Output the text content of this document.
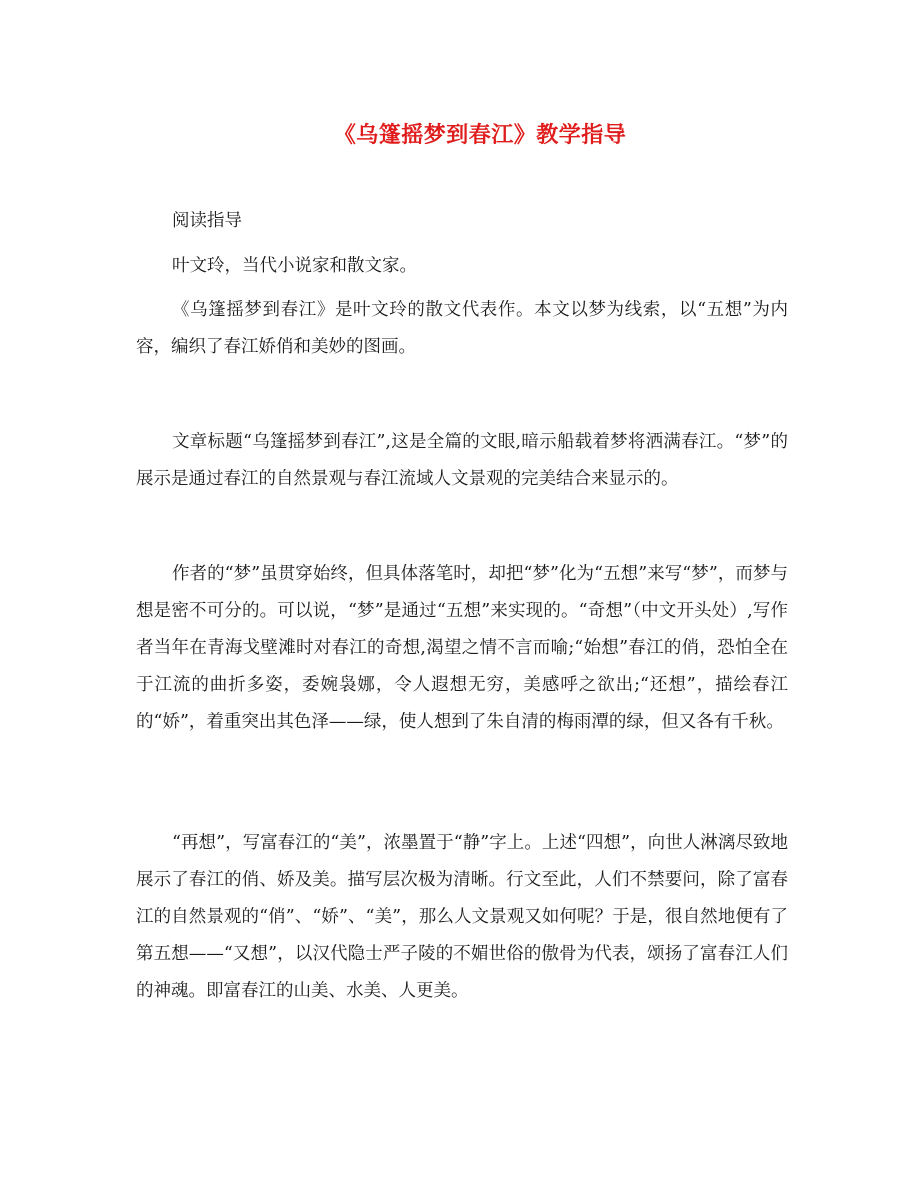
《乌篷摇梦到春江》教学指导

阅读指导

叶文玲，当代小说家和散文家。

《乌篷摇梦到春江》是叶文玲的散文代表作。本文以梦为线索，以“五想”为内容，编织了春江娇俏和美妙的图画。

文章标题“乌篷摇梦到春江”,这是全篇的文眼,暗示船载着梦将洒满春江。“梦”的展示是通过春江的自然景观与春江流域人文景观的完美结合来显示的。

作者的“梦”虽贯穿始终，但具体落笔时，却把“梦”化为“五想”来写“梦”，而梦与想是密不可分的。可以说，“梦”是通过“五想”来实现的。“奇想”（中文开头处）,写作者当年在青海戈壁滩时对春江的奇想,渴望之情不言而喻;“始想”春江的俏，恐怕全在于江流的曲折多姿，委婉袅娜，令人遐想无穷，美感呼之欲出;“还想”，描绘春江的“娇”，着重突出其色泽——绿，使人想到了朱自清的梅雨潭的绿，但又各有千秋。

“再想”，写富春江的“美”，浓墨置于“静”字上。上述“四想”，向世人淋漓尽致地展示了春江的俏、娇及美。描写层次极为清晰。行文至此，人们不禁要问，除了富春江的自然景观的“俏”、“娇”、“美”，那么人文景观又如何呢？于是，很自然地便有了第五想——“又想”，以汉代隐士严子陵的不媚世俗的傲骨为代表，颂扬了富春江人们的神魂。即富春江的山美、水美、人更美。
